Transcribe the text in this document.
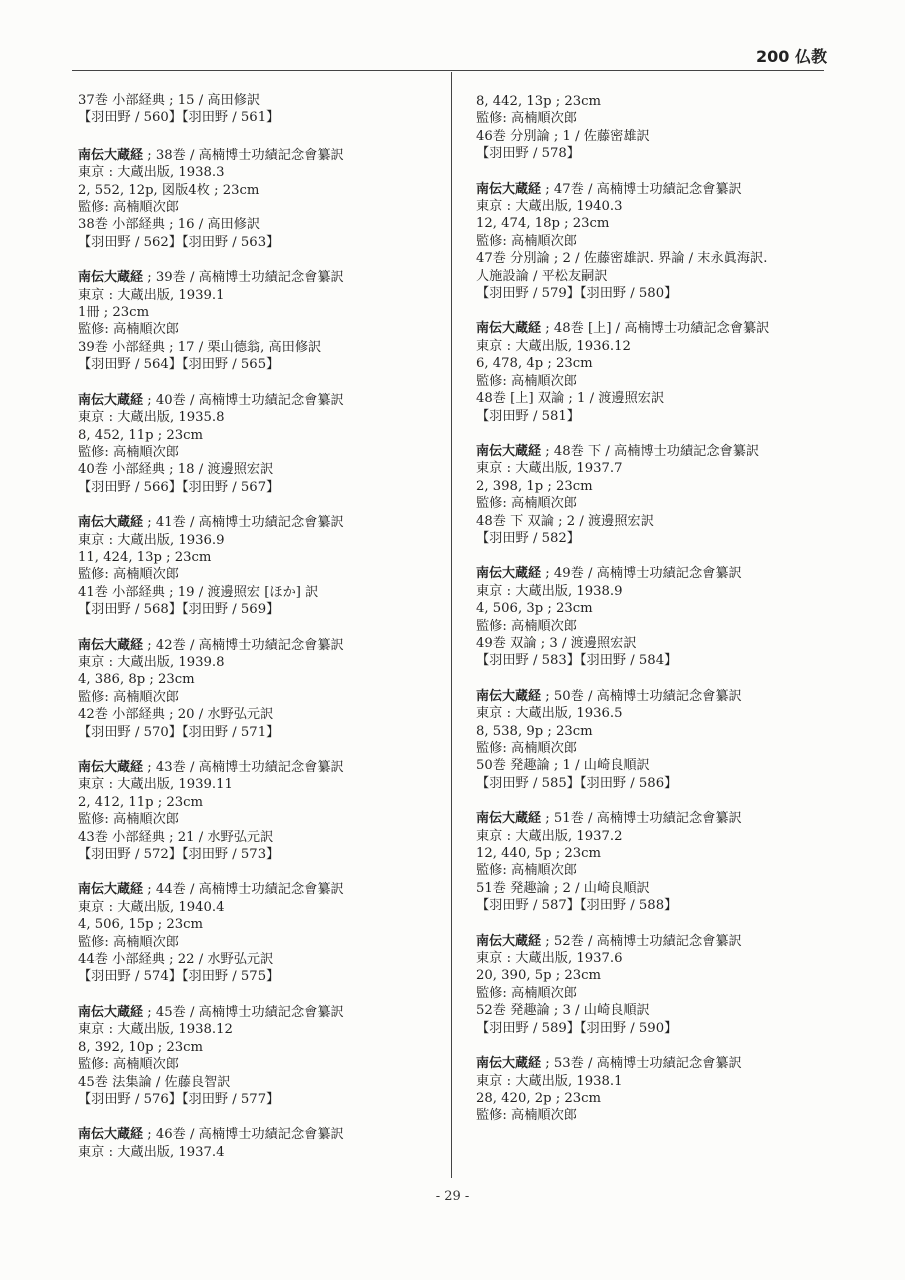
200 仏教
37巻 小部経典 ; 15 / 高田修訳
【羽田野 / 560】【羽田野 / 561】
南伝大蔵経 ; 38巻 / 高楠博士功績記念會纂訳
東京 : 大蔵出版, 1938.3
2, 552, 12p, 図版4枚 ; 23cm
監修: 高楠順次郎
38巻 小部経典 ; 16 / 高田修訳
【羽田野 / 562】【羽田野 / 563】
南伝大蔵経 ; 39巻 / 高楠博士功績記念會纂訳
東京 : 大蔵出版, 1939.1
1冊 ; 23cm
監修: 高楠順次郎
39巻 小部経典 ; 17 / 栗山德翁, 高田修訳
【羽田野 / 564】【羽田野 / 565】
南伝大蔵経 ; 40巻 / 高楠博士功績記念會纂訳
東京 : 大蔵出版, 1935.8
8, 452, 11p ; 23cm
監修: 高楠順次郎
40巻 小部経典 ; 18 / 渡邊照宏訳
【羽田野 / 566】【羽田野 / 567】
南伝大蔵経 ; 41巻 / 高楠博士功績記念會纂訳
東京 : 大蔵出版, 1936.9
11, 424, 13p ; 23cm
監修: 高楠順次郎
41巻 小部経典 ; 19 / 渡邊照宏 [ほか] 訳
【羽田野 / 568】【羽田野 / 569】
南伝大蔵経 ; 42巻 / 高楠博士功績記念會纂訳
東京 : 大蔵出版, 1939.8
4, 386, 8p ; 23cm
監修: 高楠順次郎
42巻 小部経典 ; 20 / 水野弘元訳
【羽田野 / 570】【羽田野 / 571】
南伝大蔵経 ; 43巻 / 高楠博士功績記念會纂訳
東京 : 大蔵出版, 1939.11
2, 412, 11p ; 23cm
監修: 高楠順次郎
43巻 小部経典 ; 21 / 水野弘元訳
【羽田野 / 572】【羽田野 / 573】
南伝大蔵経 ; 44巻 / 高楠博士功績記念會纂訳
東京 : 大蔵出版, 1940.4
4, 506, 15p ; 23cm
監修: 高楠順次郎
44巻 小部経典 ; 22 / 水野弘元訳
【羽田野 / 574】【羽田野 / 575】
南伝大蔵経 ; 45巻 / 高楠博士功績記念會纂訳
東京 : 大蔵出版, 1938.12
8, 392, 10p ; 23cm
監修: 高楠順次郎
45巻 法集論 / 佐藤良智訳
【羽田野 / 576】【羽田野 / 577】
南伝大蔵経 ; 46巻 / 高楠博士功績記念會纂訳
東京 : 大蔵出版, 1937.4
8, 442, 13p ; 23cm
監修: 高楠順次郎
46巻 分別論 ; 1 / 佐藤密雄訳
【羽田野 / 578】
南伝大蔵経 ; 47巻 / 高楠博士功績記念會纂訳
東京 : 大蔵出版, 1940.3
12, 474, 18p ; 23cm
監修: 高楠順次郎
47巻 分別論 ; 2 / 佐藤密雄訳. 界論 / 末永眞海訳.
人施設論 / 平松友嗣訳
【羽田野 / 579】【羽田野 / 580】
南伝大蔵経 ; 48巻 [上] / 高楠博士功績記念會纂訳
東京 : 大蔵出版, 1936.12
6, 478, 4p ; 23cm
監修: 高楠順次郎
48巻 [上] 双論 ; 1 / 渡邊照宏訳
【羽田野 / 581】
南伝大蔵経 ; 48巻 下 / 高楠博士功績記念會纂訳
東京 : 大蔵出版, 1937.7
2, 398, 1p ; 23cm
監修: 高楠順次郎
48巻 下 双論 ; 2 / 渡邊照宏訳
【羽田野 / 582】
南伝大蔵経 ; 49巻 / 高楠博士功績記念會纂訳
東京 : 大蔵出版, 1938.9
4, 506, 3p ; 23cm
監修: 高楠順次郎
49巻 双論 ; 3 / 渡邊照宏訳
【羽田野 / 583】【羽田野 / 584】
南伝大蔵経 ; 50巻 / 高楠博士功績記念會纂訳
東京 : 大蔵出版, 1936.5
8, 538, 9p ; 23cm
監修: 高楠順次郎
50巻 発趣論 ; 1 / 山崎良順訳
【羽田野 / 585】【羽田野 / 586】
南伝大蔵経 ; 51巻 / 高楠博士功績記念會纂訳
東京 : 大蔵出版, 1937.2
12, 440, 5p ; 23cm
監修: 高楠順次郎
51巻 発趣論 ; 2 / 山崎良順訳
【羽田野 / 587】【羽田野 / 588】
南伝大蔵経 ; 52巻 / 高楠博士功績記念會纂訳
東京 : 大蔵出版, 1937.6
20, 390, 5p ; 23cm
監修: 高楠順次郎
52巻 発趣論 ; 3 / 山崎良順訳
【羽田野 / 589】【羽田野 / 590】
南伝大蔵経 ; 53巻 / 高楠博士功績記念會纂訳
東京 : 大蔵出版, 1938.1
28, 420, 2p ; 23cm
監修: 高楠順次郎
- 29 -
